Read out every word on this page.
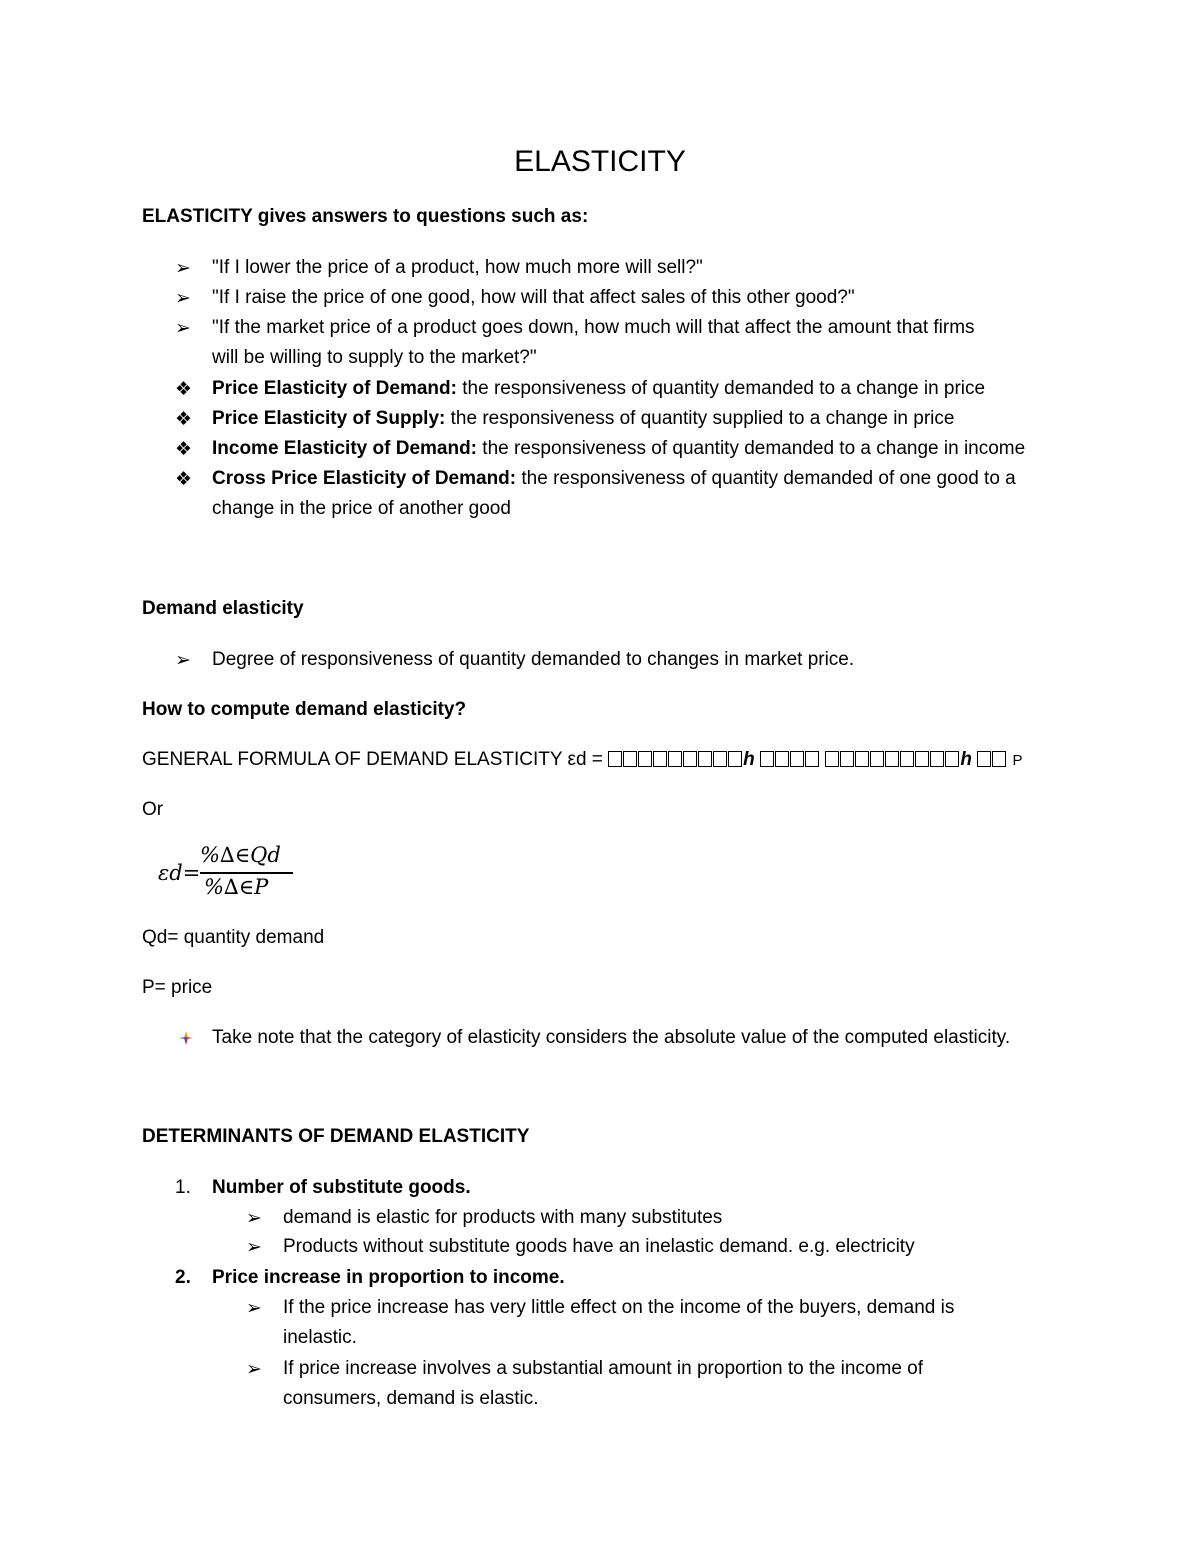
ELASTICITY
ELASTICITY gives answers to questions such as:
➢ "If I lower the price of a product, how much more will sell?"
➢ "If I raise the price of one good, how will that affect sales of this other good?"
➢ "If the market price of a product goes down, how much will that affect the amount that firms
will be willing to supply to the market?"
❖ Price Elasticity of Demand: the responsiveness of quantity demanded to a change in price
❖ Price Elasticity of Supply: the responsiveness of quantity supplied to a change in price
❖ Income Elasticity of Demand: the responsiveness of quantity demanded to a change in income
❖ Cross Price Elasticity of Demand: the responsiveness of quantity demanded of one good to a
change in the price of another good
Demand elasticity
➢ Degree of responsiveness of quantity demanded to changes in market price.
How to compute demand elasticity?
GENERAL FORMULA OF DEMAND ELASTICITY εd =	h	h	P
Or
εd=
%∆∈Qd
%∆∈P
Qd= quantity demand
P= price
Take note that the category of elasticity considers the absolute value of the computed elasticity.
DETERMINANTS OF DEMAND ELASTICITY
1. Number of substitute goods.
➢ demand is elastic for products with many substitutes
➢ Products without substitute goods have an inelastic demand. e.g. electricity
2. Price increase in proportion to income.
➢ If the price increase has very little effect on the income of the buyers, demand is
inelastic.
➢ If price increase involves a substantial amount in proportion to the income of
consumers, demand is elastic.
